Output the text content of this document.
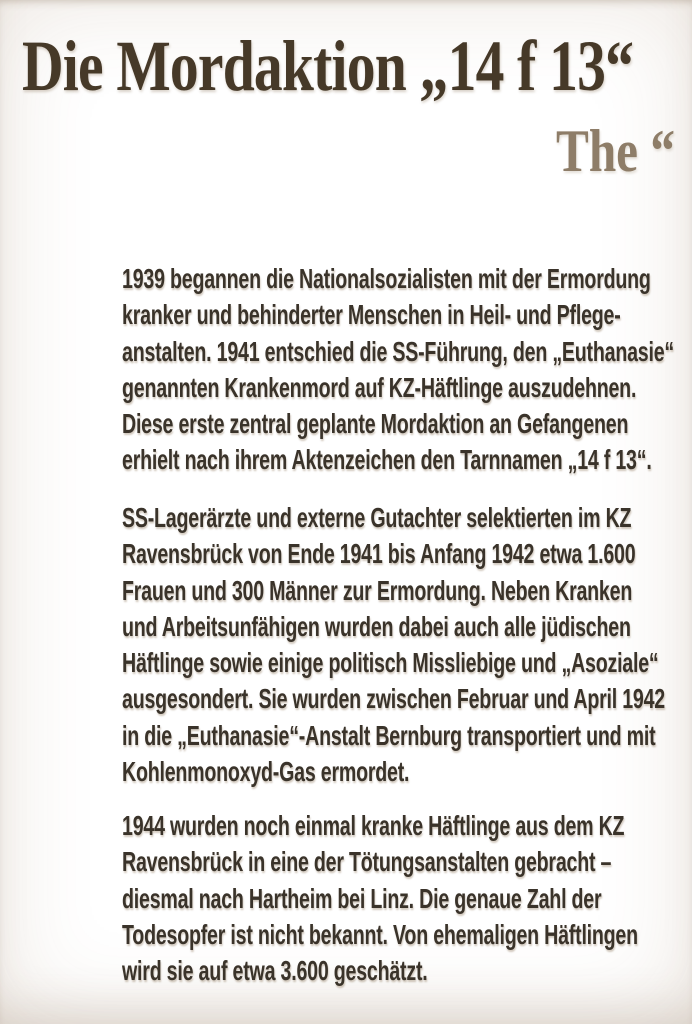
Die Mordaktion „14 f 13“
The “
1939 begannen die Nationalsozialisten mit der Ermordung
kranker und behinderter Menschen in Heil- und Pflege-
anstalten. 1941 entschied die SS-Führung, den „Euthanasie“
genannten Krankenmord auf KZ-Häftlinge auszudehnen.
Diese erste zentral geplante Mordaktion an Gefangenen
erhielt nach ihrem Aktenzeichen den Tarnnamen „14 f 13“.
SS-Lagerärzte und externe Gutachter selektierten im KZ
Ravensbrück von Ende 1941 bis Anfang 1942 etwa 1.600
Frauen und 300 Männer zur Ermordung. Neben Kranken
und Arbeitsunfähigen wurden dabei auch alle jüdischen
Häftlinge sowie einige politisch Missliebige und „Asoziale“
ausgesondert. Sie wurden zwischen Februar und April 1942
in die „Euthanasie“-Anstalt Bernburg transportiert und mit
Kohlenmonoxyd-Gas ermordet.
1944 wurden noch einmal kranke Häftlinge aus dem KZ
Ravensbrück in eine der Tötungsanstalten gebracht –
diesmal nach Hartheim bei Linz. Die genaue Zahl der
Todesopfer ist nicht bekannt. Von ehemaligen Häftlingen
wird sie auf etwa 3.600 geschätzt.
